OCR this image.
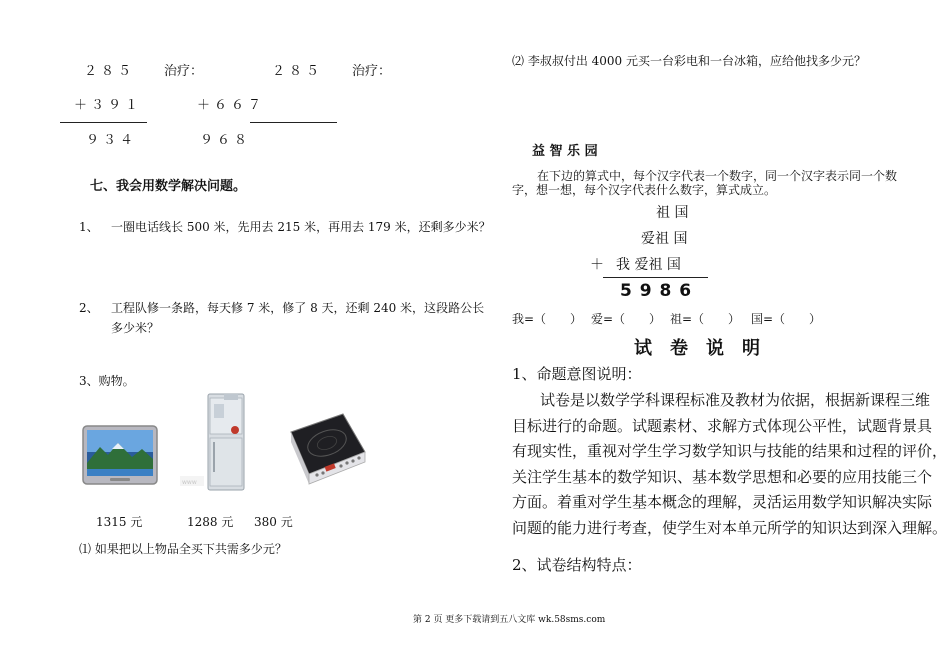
２８５ 治疗：	２８５ 治疗：
＋３９１	＋６６７
９３４	９６８
七、我会用数学解决问题。
1、 一圈电话线长 500 米，先用去 215 米，再用去 179 米，还剩多少米？
2、 工程队修一条路，每天修 7 米，修了 8 天，还剩 240 米，这段路公长
多少米？
3、购物。
www
1315 元	1288 元 380 元
⑴ 如果把以上物品全买下共需多少元？
⑵ 李叔叔付出 4000 元买一台彩电和一台冰箱，应给他找多少元？
益 智 乐 园
在下边的算式中，每个汉字代表一个数字，同一个汉字表示同一个数
字，想一想，每个汉字代表什么数字，算式成立。
祖 国
爱祖 国
＋ 我 爱祖 国
5 9 8 6
我=（　　） 爱=（　　） 祖=（　　） 国=（　　）
试　卷　说　明
1、命题意图说明：
试卷是以数学学科课程标准及教材为依据，根据新课程三维
目标进行的命题。试题素材、求解方式体现公平性，试题背景具
有现实性，重视对学生学习数学知识与技能的结果和过程的评价，
关注学生基本的数学知识、基本数学思想和必要的应用技能三个
方面。着重对学生基本概念的理解，灵活运用数学知识解决实际
问题的能力进行考查，使学生对本单元所学的知识达到深入理解。
2、试卷结构特点：
第 2 页 更多下载请到五八文库 wk.58sms.com
